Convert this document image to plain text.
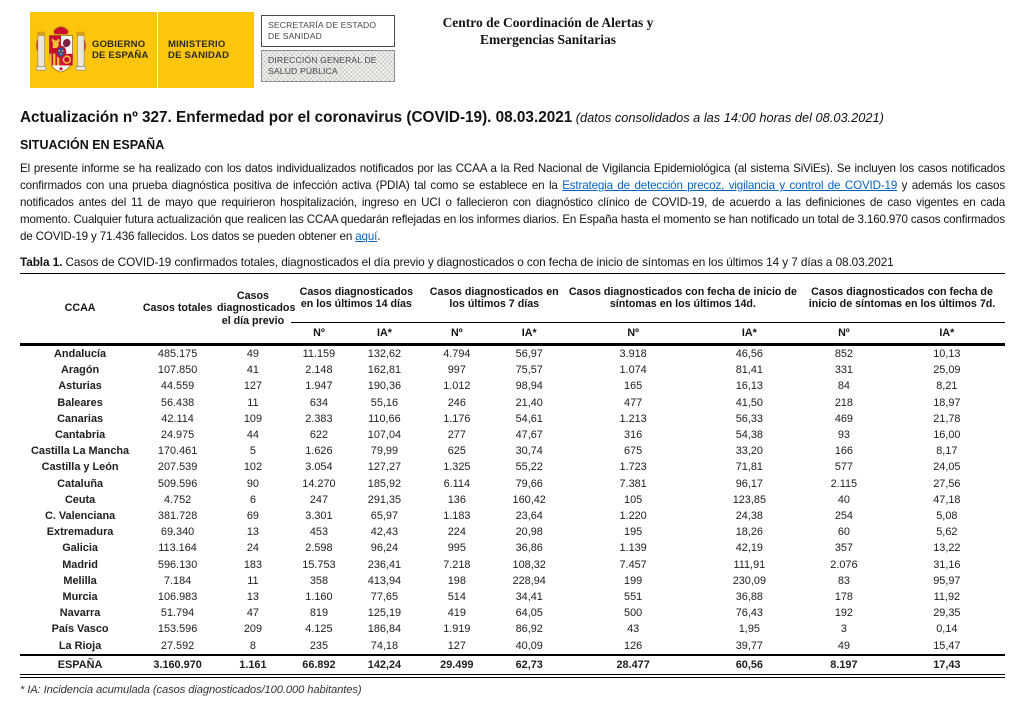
GOBIERNO
DE ESPAÑA
MINISTERIO
DE SANIDAD
SECRETARÍA DE ESTADO DE SANIDAD
DIRECCIÓN GENERAL DE SALUD PÚBLICA
Centro de Coordinación de Alertas y
Emergencias Sanitarias
Actualización nº 327. Enfermedad por el coronavirus (COVID-19). 08.03.2021 (datos consolidados a las 14:00 horas del 08.03.2021)
SITUACIÓN EN ESPAÑA
El presente informe se ha realizado con los datos individualizados notificados por las CCAA a la Red Nacional de Vigilancia Epidemiológica (al sistema SiViEs). Se incluyen los casos notificados confirmados con una prueba diagnóstica positiva de infección activa (PDIA) tal como se establece en la Estrategia de detección precoz, vigilancia y control de COVID-19 y además los casos notificados antes del 11 de mayo que requirieron hospitalización, ingreso en UCI o fallecieron con diagnóstico clínico de COVID-19, de acuerdo a las definiciones de caso vigentes en cada momento. Cualquier futura actualización que realicen las CCAA quedarán reflejadas en los informes diarios. En España hasta el momento se han notificado un total de 3.160.970 casos confirmados de COVID-19 y 71.436 fallecidos. Los datos se pueden obtener en aquí.
Tabla 1. Casos de COVID-19 confirmados totales, diagnosticados el día previo y diagnosticados o con fecha de inicio de síntomas en los últimos 14 y 7 días a 08.03.2021
CCAA	Casos totales	Casos diagnosticados el día previo	Casos diagnosticados en los últimos 14 días		Casos diagnosticados en los últimos 7 días		Casos diagnosticados con fecha de inicio de síntomas en los últimos 14d.		Casos diagnosticados con fecha de inicio de síntomas en los últimos 7d.	
			Nº	IA*	Nº	IA*	Nº	IA*	Nº	IA*
Andalucía	485.175	49	11.159	132,62	4.794	56,97	3.918	46,56	852	10,13
Aragón	107.850	41	2.148	162,81	997	75,57	1.074	81,41	331	25,09
Asturias	44.559	127	1.947	190,36	1.012	98,94	165	16,13	84	8,21
Baleares	56.438	11	634	55,16	246	21,40	477	41,50	218	18,97
Canarias	42.114	109	2.383	110,66	1.176	54,61	1.213	56,33	469	21,78
Cantabria	24.975	44	622	107,04	277	47,67	316	54,38	93	16,00
Castilla La Mancha	170.461	5	1.626	79,99	625	30,74	675	33,20	166	8,17
Castilla y León	207.539	102	3.054	127,27	1.325	55,22	1.723	71,81	577	24,05
Cataluña	509.596	90	14.270	185,92	6.114	79,66	7.381	96,17	2.115	27,56
Ceuta	4.752	6	247	291,35	136	160,42	105	123,85	40	47,18
C. Valenciana	381.728	69	3.301	65,97	1.183	23,64	1.220	24,38	254	5,08
Extremadura	69.340	13	453	42,43	224	20,98	195	18,26	60	5,62
Galicia	113.164	24	2.598	96,24	995	36,86	1.139	42,19	357	13,22
Madrid	596.130	183	15.753	236,41	7.218	108,32	7.457	111,91	2.076	31,16
Melilla	7.184	11	358	413,94	198	228,94	199	230,09	83	95,97
Murcia	106.983	13	1.160	77,65	514	34,41	551	36,88	178	11,92
Navarra	51.794	47	819	125,19	419	64,05	500	76,43	192	29,35
País Vasco	153.596	209	4.125	186,84	1.919	86,92	43	1,95	3	0,14
La Rioja	27.592	8	235	74,18	127	40,09	126	39,77	49	15,47
ESPAÑA	3.160.970	1.161	66.892	142,24	29.499	62,73	28.477	60,56	8.197	17,43
* IA: Incidencia acumulada (casos diagnosticados/100.000 habitantes)
